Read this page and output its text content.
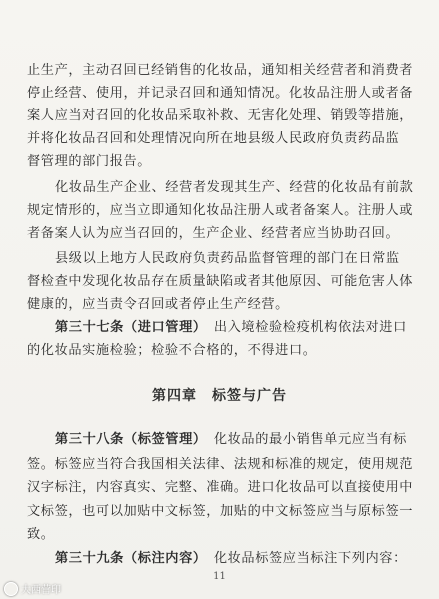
止生产，主动召回已经销售的化妆品，通知相关经营者和消费者
停止经营、使用，并记录召回和通知情况。化妆品注册人或者备
案人应当对召回的化妆品采取补救、无害化处理、销毁等措施，
并将化妆品召回和处理情况向所在地县级人民政府负责药品监
督管理的部门报告。
化妆品生产企业、经营者发现其生产、经营的化妆品有前款
规定情形的，应当立即通知化妆品注册人或者备案人。注册人或
者备案人认为应当召回的，生产企业、经营者应当协助召回。
县级以上地方人民政府负责药品监督管理的部门在日常监
督检查中发现化妆品存在质量缺陷或者其他原因、可能危害人体
健康的，应当责令召回或者停止生产经营。
第三十七条（进口管理）　 出入境检验检疫机构依法对进口
的化妆品实施检验；检验不合格的，不得进口。
第四章　标签与广告
第三十八条（标签管理）　 化妆品的最小销售单元应当有标
签。标签应当符合我国相关法律、法规和标准的规定，使用规范
汉字标注，内容真实、完整、准确。进口化妆品可以直接使用中
文标签，也可以加贴中文标签，加贴的中文标签应当与原标签一
致。
第三十九条（标注内容）　 化妆品标签应当标注下列内容：
11
大西营印
